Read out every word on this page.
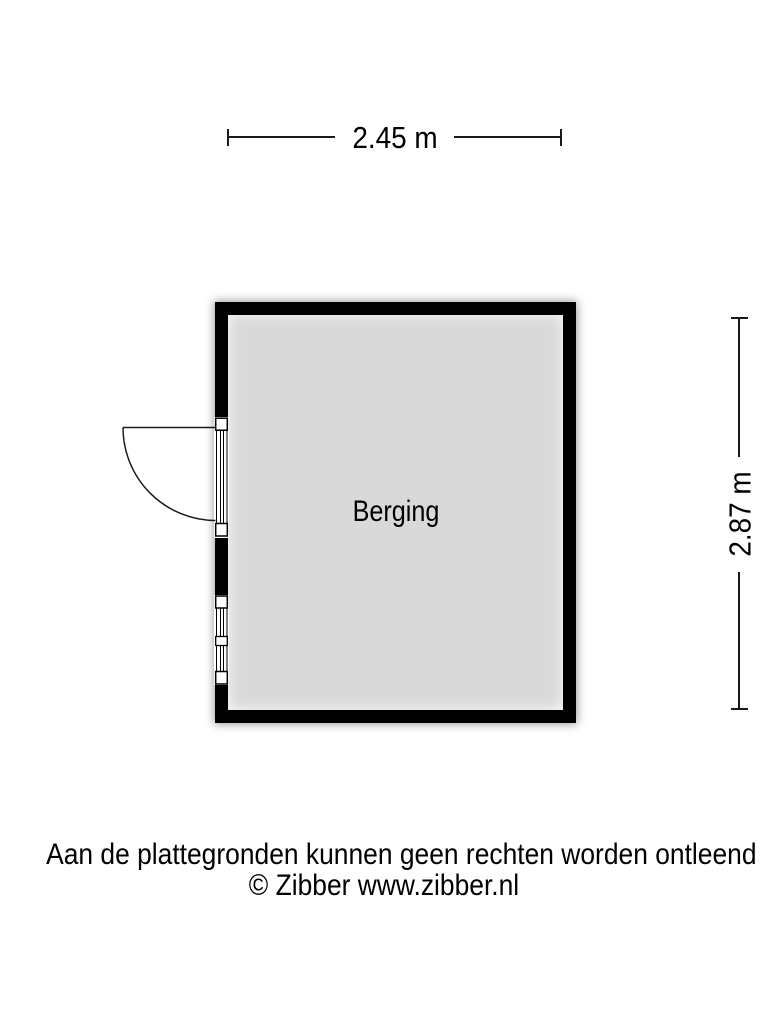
2.45 m
2.87 m
Berging
Aan de plattegronden kunnen geen rechten worden ontleend
© Zibber www.zibber.nl
